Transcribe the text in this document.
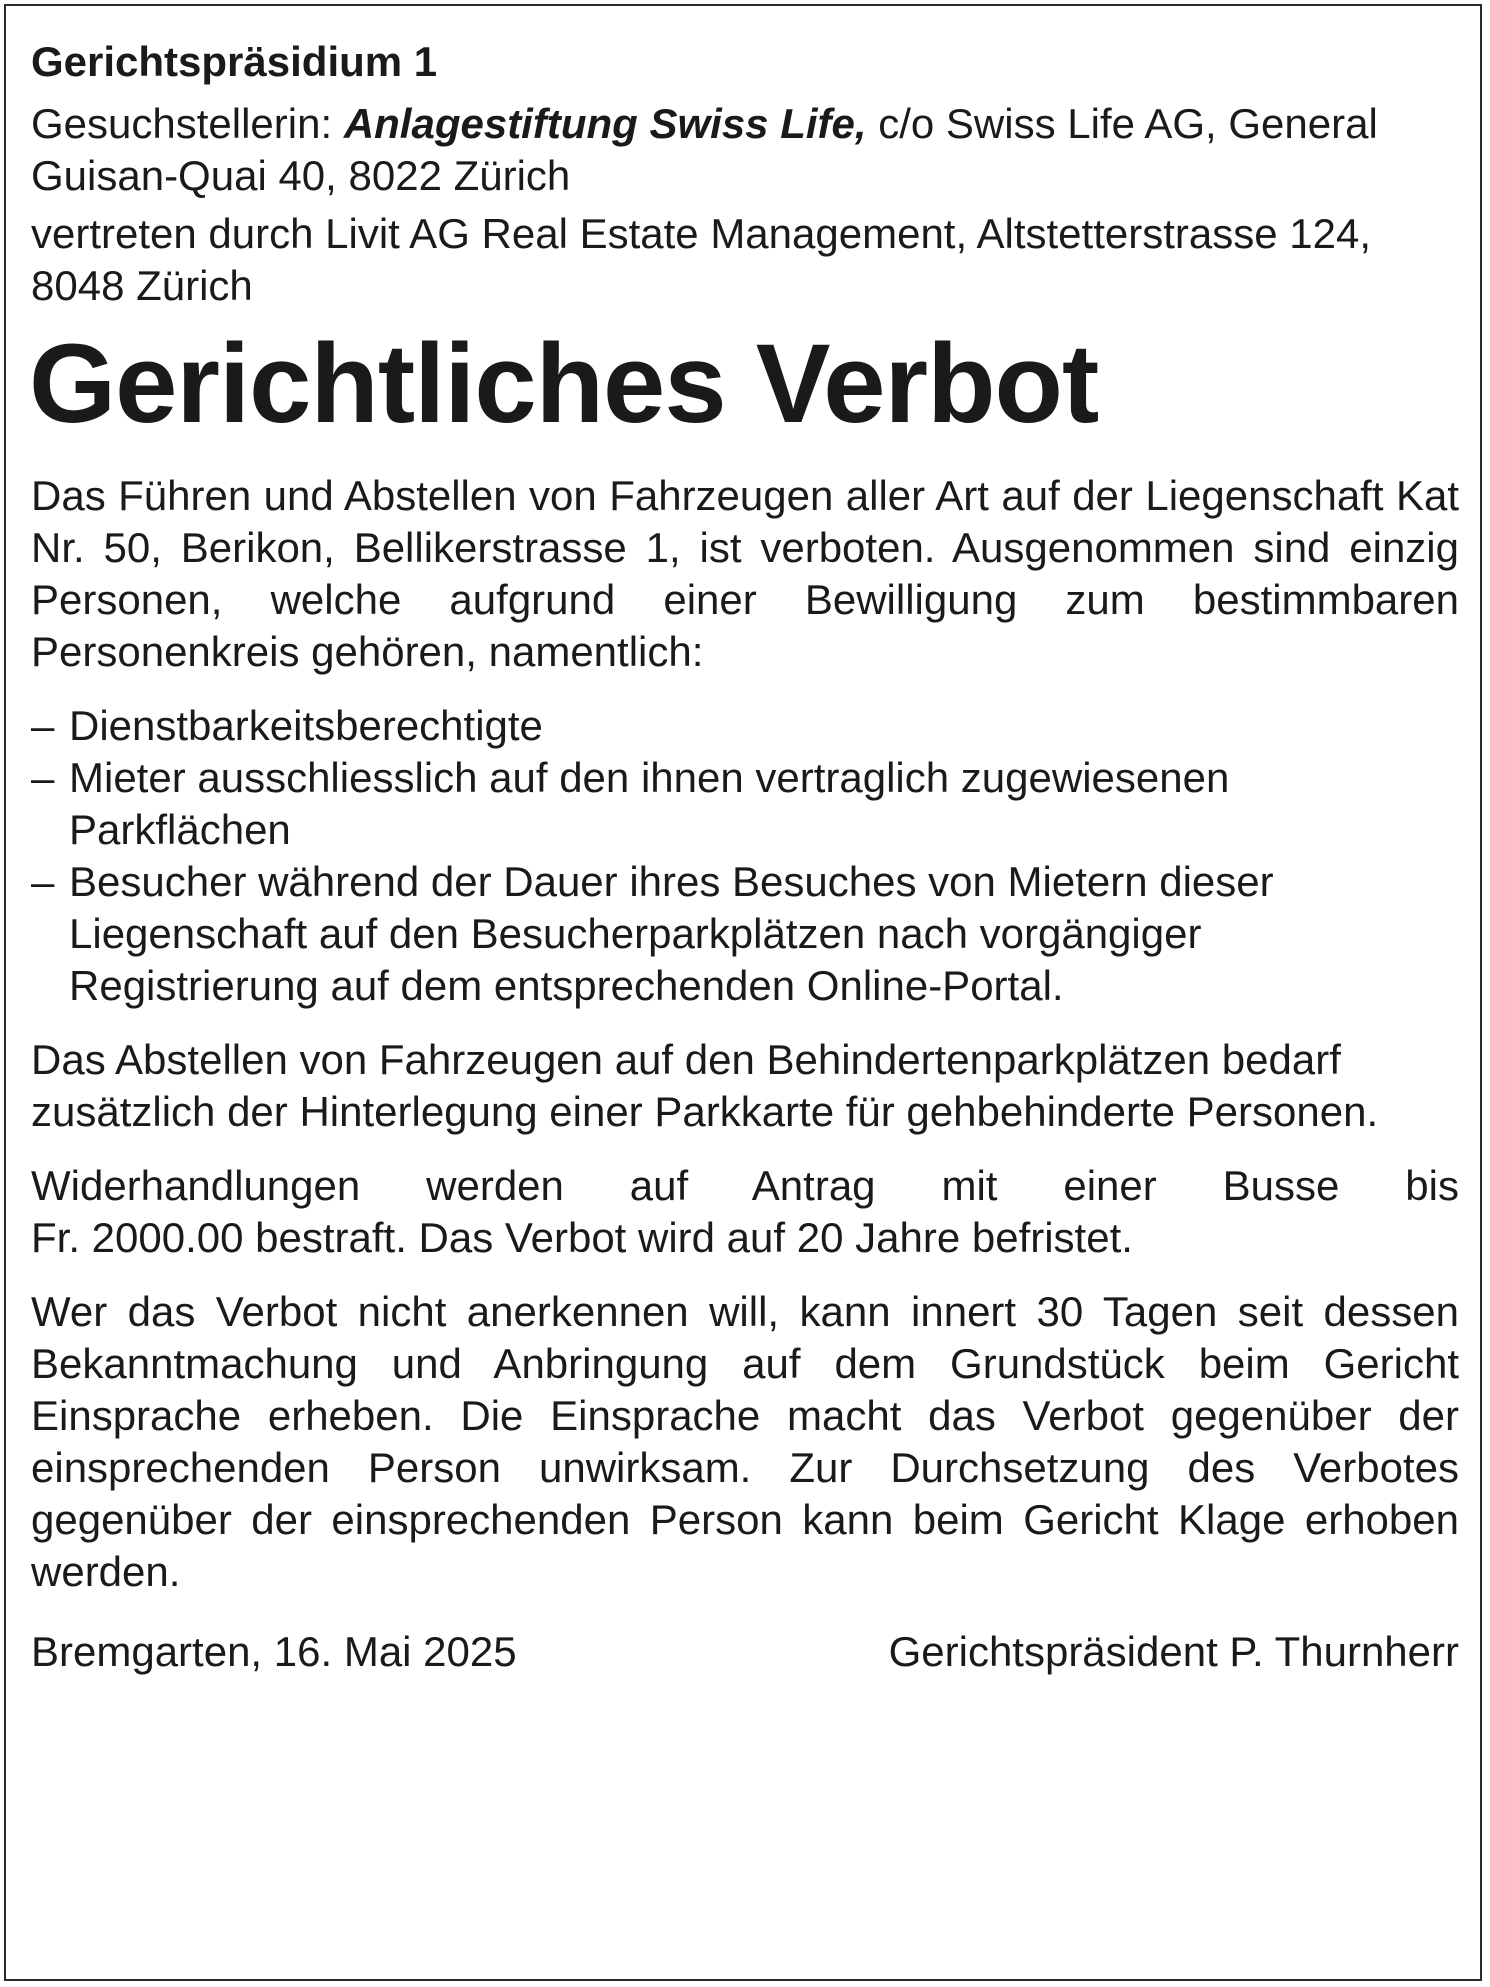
Gerichtspräsidium 1
Gesuchstellerin: Anlagestiftung Swiss Life, c/o Swiss Life AG, General Guisan-Quai 40, 8022 Zürich
vertreten durch Livit AG Real Estate Management, Altstetterstrasse 124, 8048 Zürich
Gerichtliches Verbot

Das Führen und Abstellen von Fahrzeugen aller Art auf der Liegenschaft Kat Nr. 50, Berikon, Bellikerstrasse 1, ist verboten. Ausgenommen sind einzig Personen, welche aufgrund einer Bewilligung zum bestimmbaren Personenkreis gehören, namentlich:

– Dienstbarkeitsberechtigte
– Mieter ausschliesslich auf den ihnen vertraglich zugewiesenen Parkflächen
– Besucher während der Dauer ihres Besuches von Mietern dieser Liegenschaft auf den Besucherparkplätzen nach vorgängiger Registrierung auf dem entsprechenden Online-Portal.

Das Abstellen von Fahrzeugen auf den Behindertenparkplätzen bedarf zusätzlich der Hinterlegung einer Parkkarte für gehbehinderte Personen.

Widerhandlungen werden auf Antrag mit einer Busse bis
Fr. 2000.00 bestraft. Das Verbot wird auf 20 Jahre befristet.

Wer das Verbot nicht anerkennen will, kann innert 30 Tagen seit dessen Bekanntmachung und Anbringung auf dem Grundstück beim Gericht Einsprache erheben. Die Einsprache macht das Verbot gegenüber der einsprechenden Person unwirksam. Zur Durchsetzung des Verbotes gegenüber der einsprechenden Person kann beim Gericht Klage erhoben werden.

Bremgarten, 16. Mai 2025	Gerichtspräsident P. Thurnherr
